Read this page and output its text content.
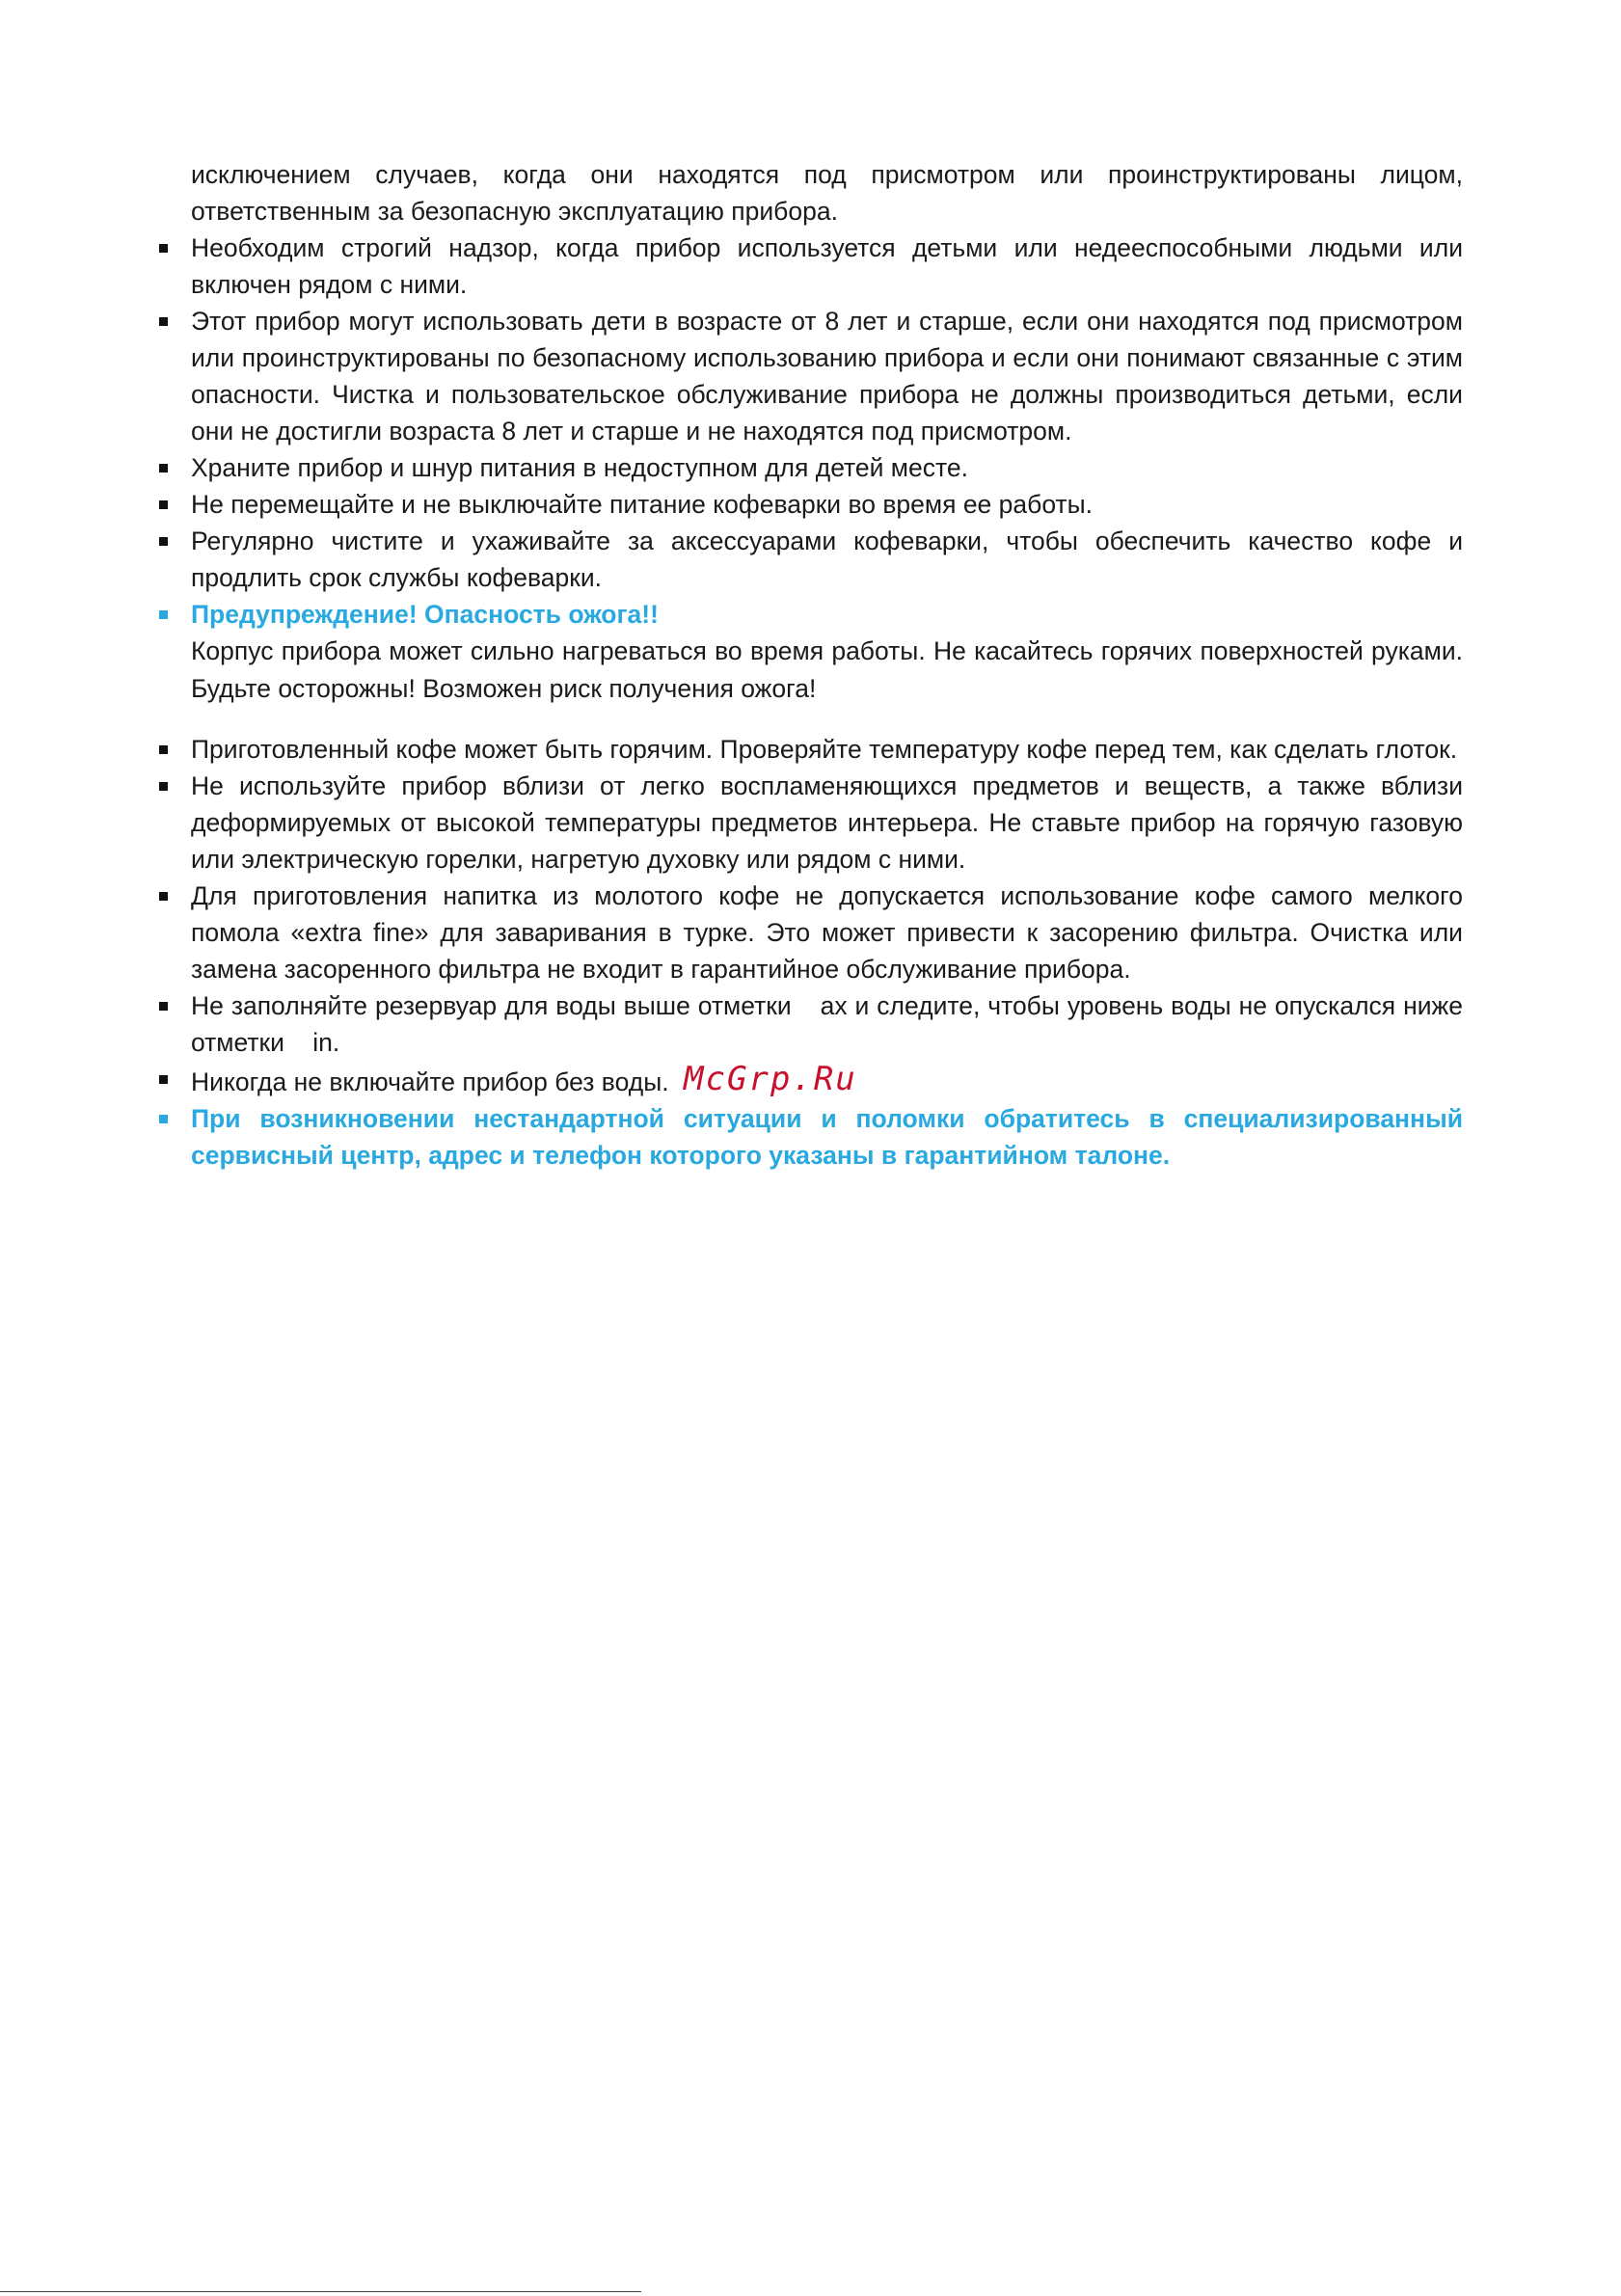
исключением случаев, когда они находятся под присмотром или проинструктированы лицом, ответственным за безопасную эксплуатацию прибора.

Необходим строгий надзор, когда прибор используется детьми или недееспособными людьми или включен рядом с ними.
Этот прибор могут использовать дети в возрасте от 8 лет и старше, если они находятся под присмотром или проинструктированы по безопасному использованию прибора и если они понимают связанные с этим опасности. Чистка и пользовательское обслуживание прибора не должны производиться детьми, если они не достигли возраста 8 лет и старше и не находятся под присмотром.
Храните прибор и шнур питания в недоступном для детей месте.
Не перемещайте и не выключайте питание кофеварки во время ее работы.
Регулярно чистите и ухаживайте за аксессуарами кофеварки, чтобы обеспечить качество кофе и продлить срок службы кофеварки.
Предупреждение! Опасность ожога!!

Корпус прибора может сильно нагреваться во время работы. Не касайтесь горячих поверхностей руками. Будьте осторожны! Возможен риск получения ожога!

Приготовленный кофе может быть горячим. Проверяйте температуру кофе перед тем, как сделать глоток.
Не используйте прибор вблизи от легко воспламеняющихся предметов и веществ, а также вблизи деформируемых от высокой температуры предметов интерьера. Не ставьте прибор на горячую газовую или электрическую горелки, нагретую духовку или рядом с ними.
Для приготовления напитка из молотого кофе не допускается использование кофе самого мелкого помола «extra fine» для заваривания в турке. Это может привести к засорению фильтра. Очистка или замена засоренного фильтра не входит в гарантийное обслуживание прибора.
Не заполняйте резервуар для воды выше отметки ах и следите, чтобы уровень воды не опускался ниже отметки in.
Никогда не включайте прибор без воды. McGrp.Ru
При возникновении нестандартной ситуации и поломки обратитесь в специализированный сервисный центр, адрес и телефон которого указаны в гарантийном талоне.
